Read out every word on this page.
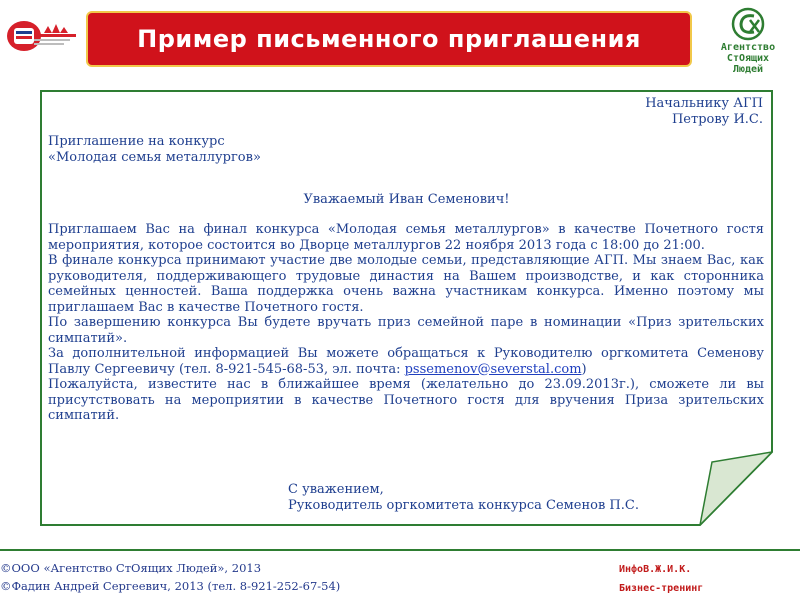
Пример письменного приглашения	Агентство
СтОящих
Людей
Начальнику АГП
Петрову И.С.
Приглашение на конкурс
«Молодая семья металлургов»
Уважаемый Иван Семенович!

Приглашаем Вас на финал конкурса «Молодая семья металлургов» в качестве Почетного гостя мероприятия, которое состоится во Дворце металлургов 22 ноября 2013 года с 18:00 до 21:00.

В финале конкурса принимают участие две молодые семьи, представляющие АГП. Мы знаем Вас, как руководителя, поддерживающего трудовые династия на Вашем производстве, и как сторонника семейных ценностей. Ваша поддержка очень важна участникам конкурса. Именно поэтому мы приглашаем Вас в качестве Почетного гостя.

По завершению конкурса Вы будете вручать приз семейной паре в номинации «Приз зрительских симпатий».

За дополнительной информацией Вы можете обращаться к Руководителю оргкомитета Семенову Павлу Сергеевичу (тел. 8-921-545-68-53, эл. почта: pssemenov@severstal.com)

Пожалуйста, известите нас в ближайшее время (желательно до 23.09.2013г.), сможете ли вы присутствовать на мероприятии в качестве Почетного гостя для вручения Приза зрительских симпатий.

С уважением,
Руководитель оргкомитета конкурса Семенов П.С.
©ООО «Агентство СтОящих Людей», 2013
©Фадин Андрей Сергеевич, 2013 (тел. 8-921-252-67-54)
ИнфоВ.Ж.И.К.
Бизнес-тренинг
